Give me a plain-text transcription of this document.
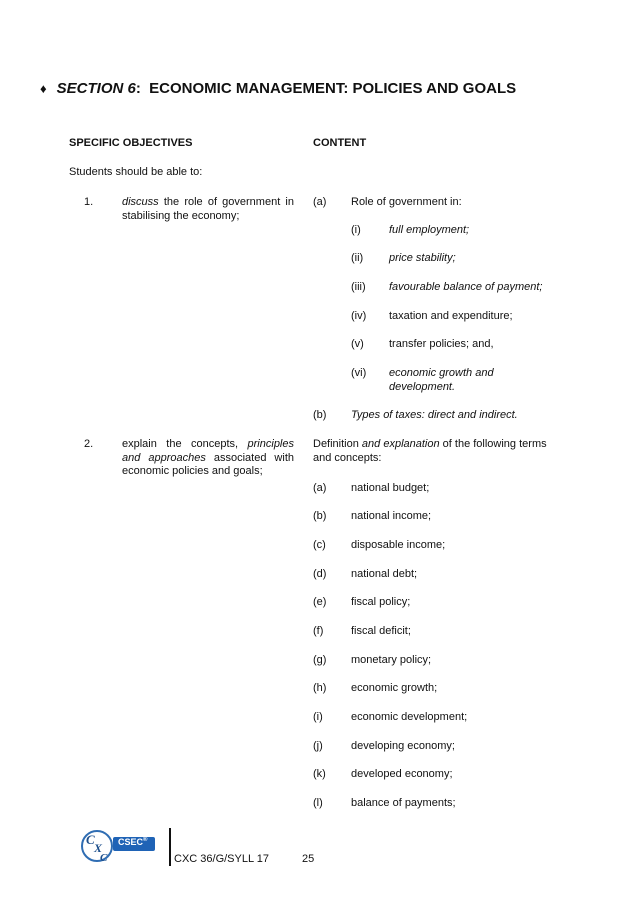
♦ SECTION 6: ECONOMIC MANAGEMENT: POLICIES AND GOALS
SPECIFIC OBJECTIVES	CONTENT
Students should be able to:
1.	discuss the role of government in stabilising the economy;
(a) Role of government in:
(i)	full employment;
(ii) price stability;
(iii) favourable balance of payment;
(iv) taxation and expenditure;
(v) transfer policies; and,
(vi) economic growth and
development.
(b) Types of taxes: direct and indirect.
2.	explain the concepts, principles and approaches associated with economic policies and goals;
Definition and explanation of the following terms and concepts:
(a) national budget;
(b) national income;
(c) disposable income;
(d) national debt;
(e) fiscal policy;
(f)	fiscal deficit;
(g) monetary policy;
(h) economic growth;
(i)	economic development;
(j)	developing economy;
(k) developed economy;
(l)	balance of payments;
C
X
C
CSEC®
CXC 36/G/SYLL 17	25
